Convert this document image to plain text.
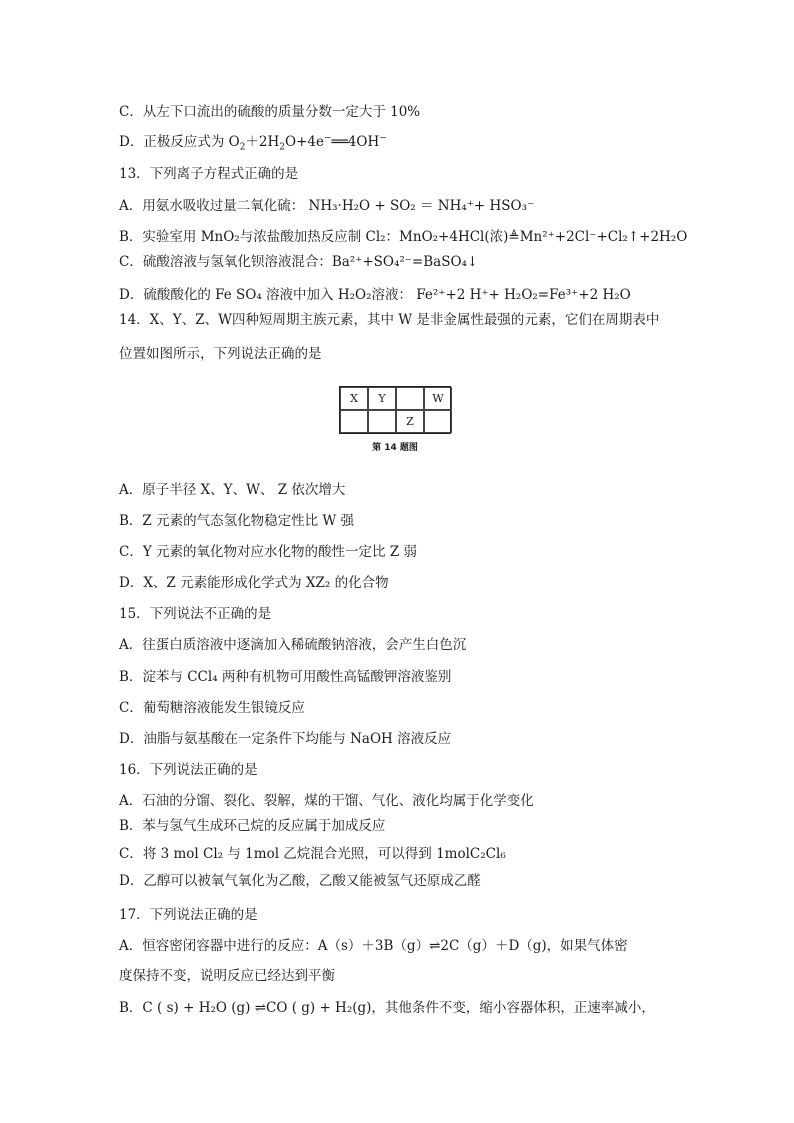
C．从左下口流出的硫酸的质量分数一定大于 10%
D．正极反应式为 $O_2+2H_2O+4e^-══4OH^-$
13．下列离子方程式正确的是
A．用氨水吸收过量二氧化硫： NH₃·H₂O + SO₂ ＝ NH₄⁺+ HSO₃⁻
B．实验室用 MnO₂与浓盐酸加热反应制 Cl₂：MnO₂+4HCl(浓)≜Mn²⁺+2Cl⁻+Cl₂↑+2H₂O
C．硫酸溶液与氢氧化钡溶液混合：Ba²⁺+SO₄²⁻=BaSO₄↓
D．硫酸酸化的 Fe SO₄ 溶液中加入 H₂O₂溶液： Fe²⁺+2 H⁺+ H₂O₂=Fe³⁺+2 H₂O
14．X、Y、Z、W四种短周期主族元素，其中 W 是非金属性最强的元素，它们在周期表中
位置如图所示，下列说法正确的是
X	Y	W
Z
第 14 题图
A．原子半径 X、Y、W、 Z 依次增大
B．Z 元素的气态氢化物稳定性比 W 强
C．Y 元素的氧化物对应水化物的酸性一定比 Z 弱
D．X、Z 元素能形成化学式为 XZ₂ 的化合物
15．下列说法不正确的是
A．往蛋白质溶液中逐滴加入稀硫酸钠溶液，会产生白色沉
B．淀苯与 CCl₄ 两种有机物可用酸性高锰酸钾溶液鉴别
C．葡萄糖溶液能发生银镜反应
D．油脂与氨基酸在一定条件下均能与 NaOH 溶液反应
16．下列说法正确的是
A．石油的分馏、裂化、裂解，煤的干馏、气化、液化均属于化学变化
B．苯与氢气生成环己烷的反应属于加成反应
C．将 3 mol Cl₂ 与 1mol 乙烷混合光照，可以得到 1molC₂Cl₆
D．乙醇可以被氧气氧化为乙酸，乙酸又能被氢气还原成乙醛
17．下列说法正确的是
A．恒容密闭容器中进行的反应：A（s）＋3B（g）⇌2C（g）＋D（g)，如果气体密
度保持不变，说明反应已经达到平衡
B．C ( s) + H₂O (g) ⇌CO ( g) + H₂(g)，其他条件不变，缩小容器体积，正速率减小，
